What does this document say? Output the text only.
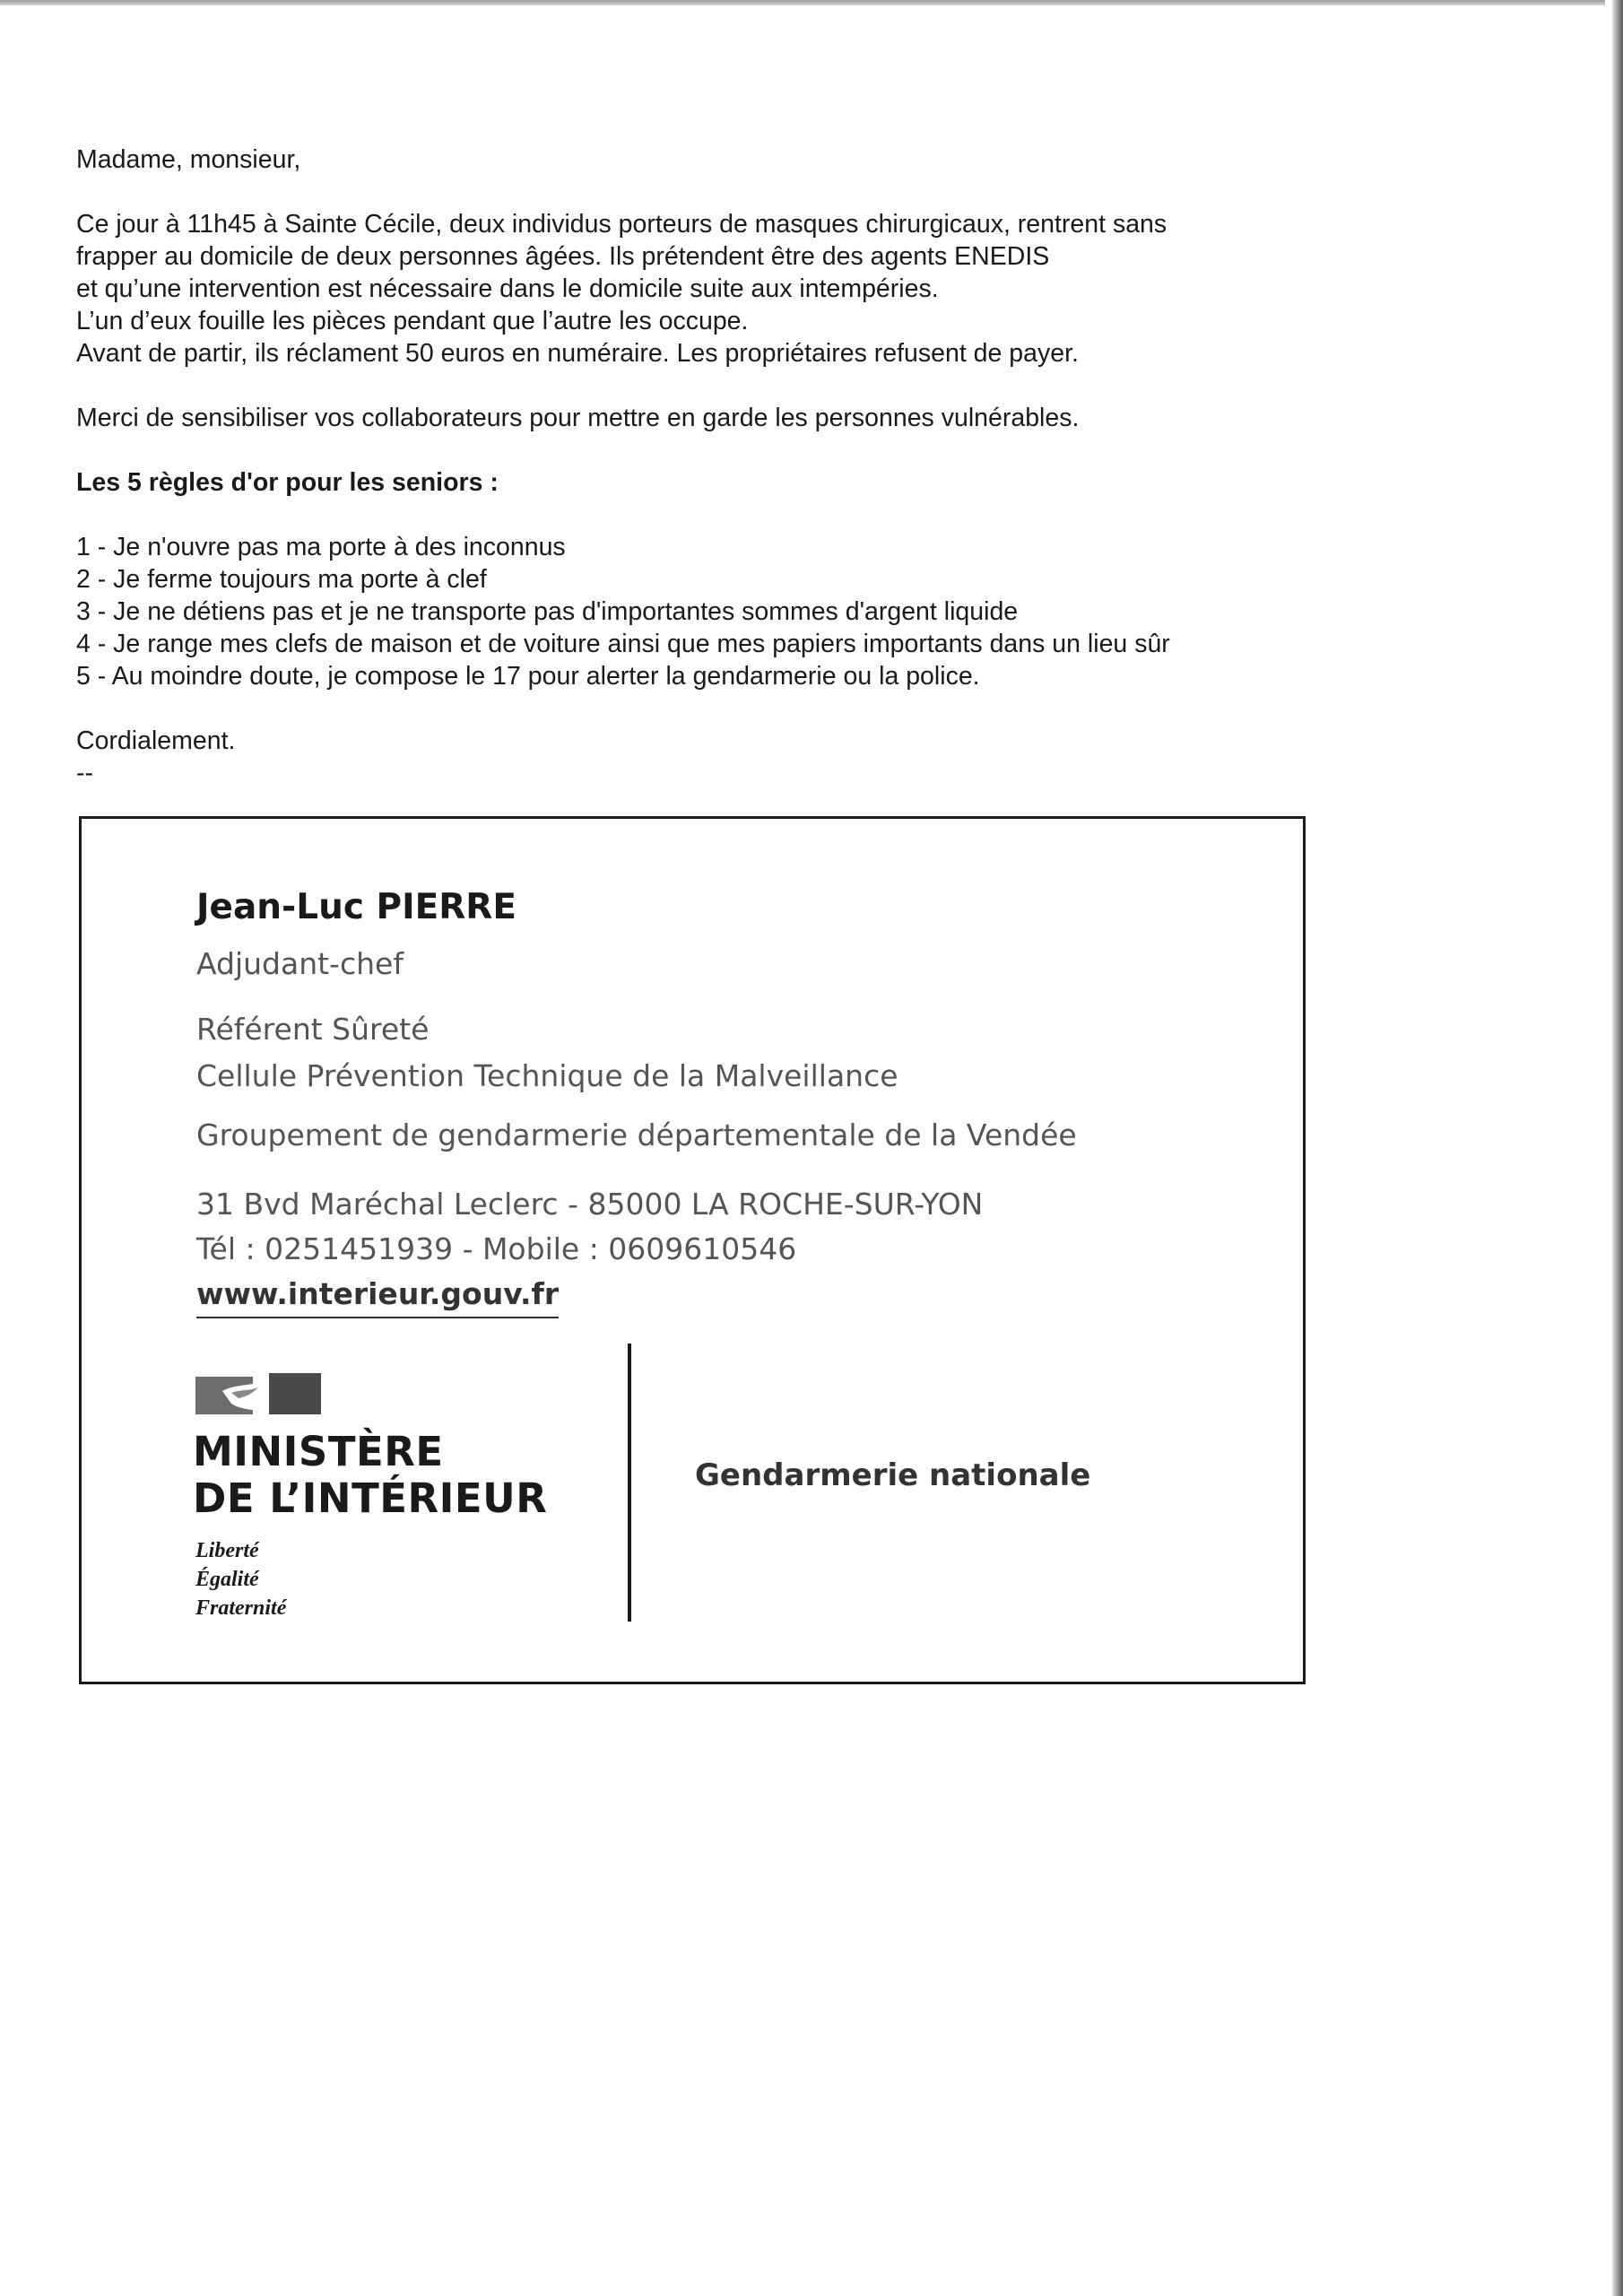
Madame, monsieur,

Ce jour à 11h45 à Sainte Cécile, deux individus porteurs de masques chirurgicaux, rentrent sans

frapper au domicile de deux personnes âgées. Ils prétendent être des agents ENEDIS

et qu’une intervention est nécessaire dans le domicile suite aux intempéries.

L’un d’eux fouille les pièces pendant que l’autre les occupe.

Avant de partir, ils réclament 50 euros en numéraire. Les propriétaires refusent de payer.

Merci de sensibiliser vos collaborateurs pour mettre en garde les personnes vulnérables.

Les 5 règles d'or pour les seniors :

1 - Je n'ouvre pas ma porte à des inconnus

2 - Je ferme toujours ma porte à clef

3 - Je ne détiens pas et je ne transporte pas d'importantes sommes d'argent liquide

4 - Je range mes clefs de maison et de voiture ainsi que mes papiers importants dans un lieu sûr

5 - Au moindre doute, je compose le 17 pour alerter la gendarmerie ou la police.

Cordialement.

--

Jean-Luc PIERRE
Adjudant-chef
Référent Sûreté
Cellule Prévention Technique de la Malveillance
Groupement de gendarmerie départementale de la Vendée
31 Bvd Maréchal Leclerc - 85000 LA ROCHE-SUR-YON
Tél : 0251451939 - Mobile : 0609610546
www.interieur.gouv.fr
MINISTÈRE
DE L’INTÉRIEUR
Liberté
Égalité
Fraternité
Gendarmerie nationale
